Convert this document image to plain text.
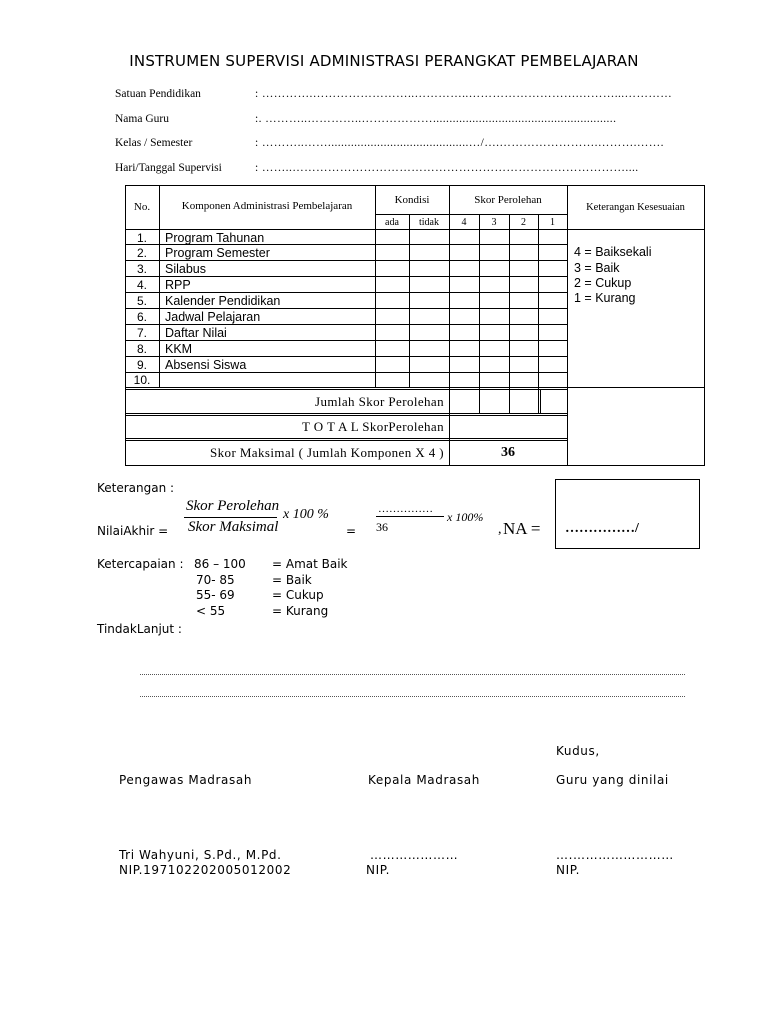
INSTRUMEN SUPERVISI ADMINISTRASI PERANGKAT PEMBELAJARAN
Satuan Pendidikan	: ………….……………………..…………..……………………….………...…………
Nama Guru	:. ………..…………..………………........................................................
Kelas / Semester	: ………..……...........................................…/….…………………….……….…….
Hari/Tanggal Supervisi	: ……..…………………………………………………………………………....
No.	Komponen Administrasi Pembelajaran	Kondisi	Skor Perolehan
Keterangan Kesesuaian
ada	tidak	4	3	2	1
1.	Program Tahunan
2.	Program Semester
3.	Silabus
4.	RPP
5.	Kalender Pendidikan
6.	Jadwal Pelajaran
7.	Daftar Nilai
8.	KKM
9.	Absensi Siswa
10.
4 = Baiksekali
3 = Baik
2 = Cukup
1 = Kurang
Jumlah Skor Perolehan
T O T A L SkorPerolehan
Skor Maksimal ( Jumlah Komponen X 4 )	36
Keterangan :
NilaiAkhir =
Skor Perolehan
Skor Maksimal
x 100 %
=
……………
36
x 100%
, NA = ……………/
Ketercapaian : 86 – 100 = Amat Baik
70- 85	= Baik
55- 69	= Cukup
< 55	= Kurang
TindakLanjut :
Kudus,
Pengawas Madrasah	Kepala Madrasah	Guru yang dinilai
Tri Wahyuni, S.Pd., M.Pd.	…………………	….……………………
NIP.197102202005012002	NIP.	NIP.
